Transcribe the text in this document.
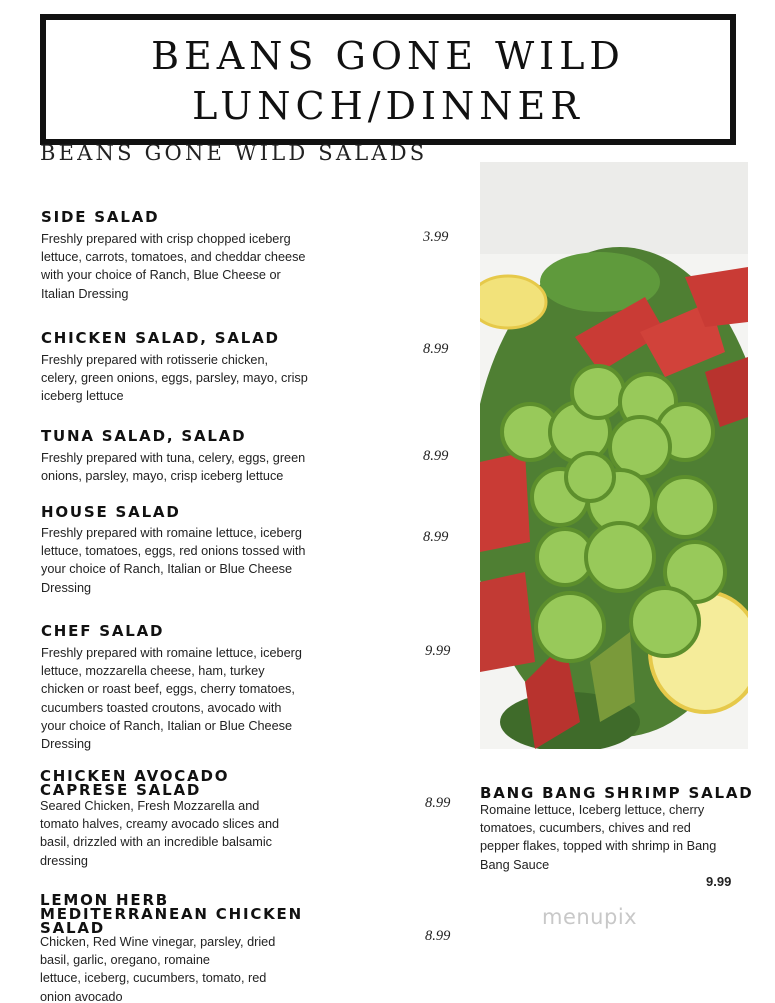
BEANS GONE WILD
LUNCH/DINNER
BEANS GONE WILD SALADS
SIDE SALAD
Freshly prepared with crisp chopped iceberg
lettuce, carrots, tomatoes, and cheddar cheese
with your choice of Ranch, Blue Cheese or
Italian Dressing
3.99
CHICKEN SALAD, SALAD
Freshly prepared with rotisserie chicken,
celery, green onions, eggs, parsley, mayo, crisp
iceberg lettuce
8.99
TUNA SALAD, SALAD
Freshly prepared with tuna, celery, eggs, green
onions, parsley, mayo, crisp iceberg lettuce
8.99
HOUSE SALAD
Freshly prepared with romaine lettuce, iceberg
lettuce, tomatoes, eggs, red onions tossed with
your choice of Ranch, Italian or Blue Cheese
Dressing
8.99
CHEF SALAD
Freshly prepared with romaine lettuce, iceberg
lettuce, mozzarella cheese, ham, turkey
chicken or roast beef, eggs, cherry tomatoes,
cucumbers toasted croutons, avocado with
your choice of Ranch, Italian or Blue Cheese
Dressing
9.99
CHICKEN AVOCADO
CAPRESE SALAD
Seared Chicken, Fresh Mozzarella and
tomato halves, creamy avocado slices and
basil, drizzled with an incredible balsamic
dressing
8.99
LEMON HERB
MEDITERRANEAN CHICKEN
SALAD
Chicken, Red Wine vinegar, parsley, dried
basil, garlic, oregano, romaine
lettuce, iceberg, cucumbers, tomato, red
onion avocado
8.99
BANG BANG SHRIMP SALAD
Romaine lettuce, Iceberg lettuce, cherry
tomatoes, cucumbers, chives and red
pepper flakes, topped with shrimp in Bang
Bang Sauce
9.99
menupix
